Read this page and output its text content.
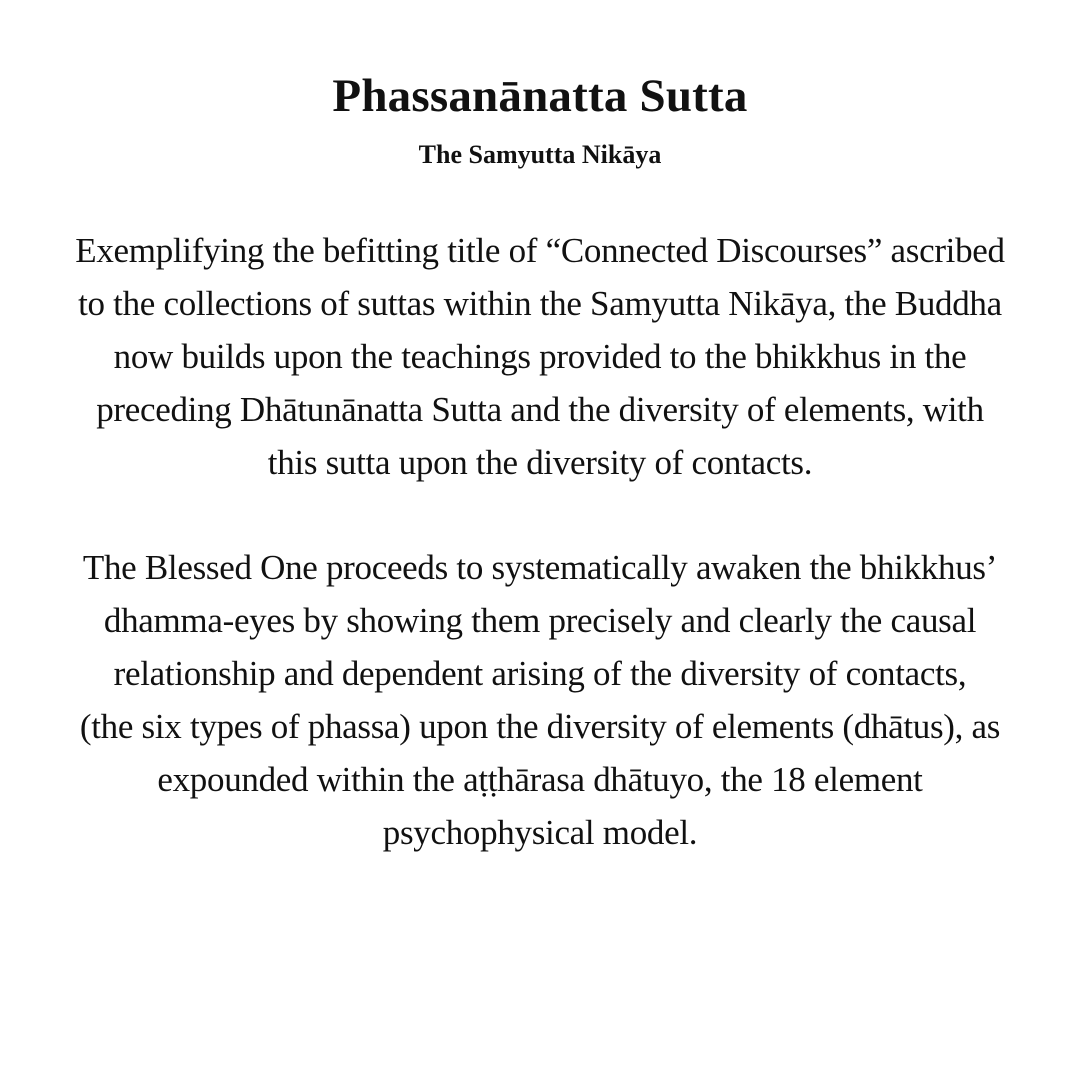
Phassanānatta Sutta
The Samyutta Nikāya

Exemplifying the befitting title of “Connected Discourses” ascribed
to the collections of suttas within the Samyutta Nikāya, the Buddha
now builds upon the teachings provided to the bhikkhus in the
preceding Dhātunānatta Sutta and the diversity of elements, with
this sutta upon the diversity of contacts.

The Blessed One proceeds to systematically awaken the bhikkhus’
dhamma-eyes by showing them precisely and clearly the causal
relationship and dependent arising of the diversity of contacts,
(the six types of phassa) upon the diversity of elements (dhātus), as
expounded within the aṭṭhārasa dhātuyo, the 18 element
psychophysical model.
